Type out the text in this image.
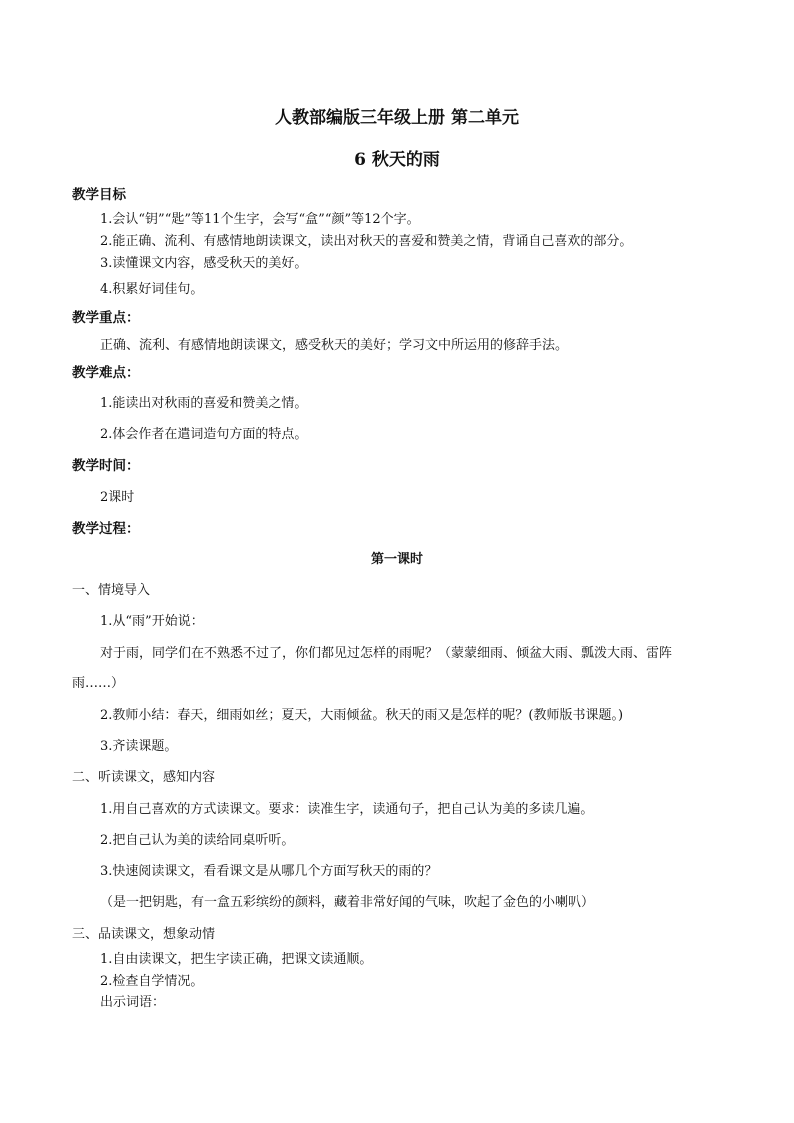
人教部编版三年级上册 第二单元
6 秋天的雨
教学目标
1.会认“钥”“匙”等11个生字，会写“盒”“颜”等12个字。
2.能正确、流利、有感情地朗读课文，读出对秋天的喜爱和赞美之情，背诵自己喜欢的部分。
3.读懂课文内容，感受秋天的美好。
4.积累好词佳句。
教学重点：
正确、流利、有感情地朗读课文，感受秋天的美好；学习文中所运用的修辞手法。
教学难点：
1.能读出对秋雨的喜爱和赞美之情。
2.体会作者在遣词造句方面的特点。
教学时间：
2课时
教学过程：
第一课时
一、情境导入
1.从“雨”开始说：
对于雨，同学们在不熟悉不过了，你们都见过怎样的雨呢？（蒙蒙细雨、倾盆大雨、瓢泼大雨、雷阵
雨……）
2.教师小结：春天，细雨如丝；夏天，大雨倾盆。秋天的雨又是怎样的呢？(教师版书课题。)
3.齐读课题。
二、听读课文，感知内容
1.用自己喜欢的方式读课文。要求：读准生字，读通句子，把自己认为美的多读几遍。
2.把自己认为美的读给同桌听听。
3.快速阅读课文，看看课文是从哪几个方面写秋天的雨的？
（是一把钥匙，有一盒五彩缤纷的颜料，藏着非常好闻的气味，吹起了金色的小喇叭）
三、品读课文，想象动情
1.自由读课文，把生字读正确，把课文读通顺。
2.检查自学情况。
出示词语：
